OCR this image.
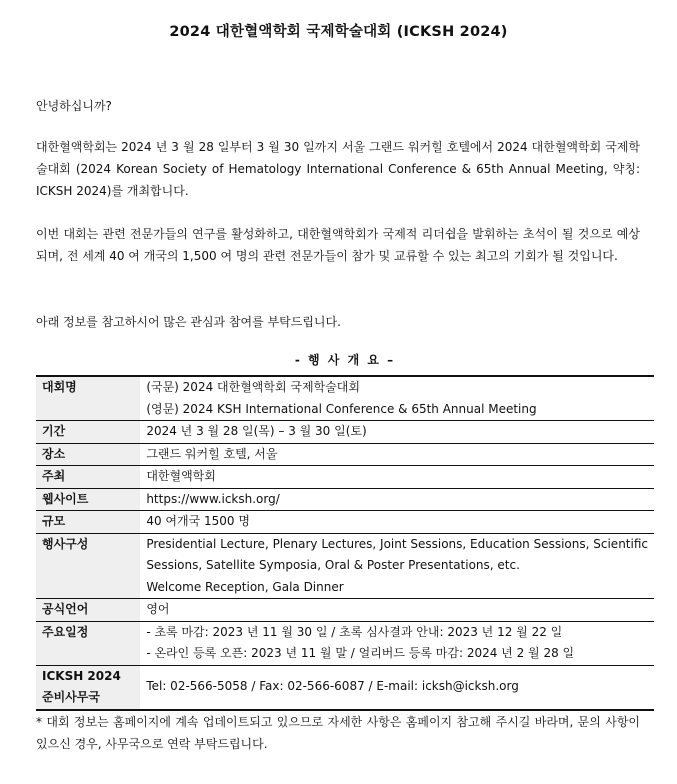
2024 대한혈액학회 국제학술대회 (ICKSH 2024)
안녕하십니까?
대한혈액학회는 2024 년 3 월 28 일부터 3 월 30 일까지 서울 그랜드 워커힐 호텔에서 2024 대한혈액학회 국제학술대회 (2024 Korean Society of Hematology International Conference & 65th Annual Meeting, 약칭: ICKSH 2024)를 개최합니다.
이번 대회는 관련 전문가들의 연구를 활성화하고, 대한혈액학회가 국제적 리더쉽을 발휘하는 초석이 될 것으로 예상되며, 전 세계 40 여 개국의 1,500 여 명의 관련 전문가들이 참가 및 교류할 수 있는 최고의 기회가 될 것입니다.
아래 정보를 참고하시어 많은 관심과 참여를 부탁드립니다.
- 행 사 개 요 –
대회명	(국문) 2024 대한혈액학회 국제학술대회
(영문) 2024 KSH International Conference & 65th Annual Meeting

기간	2024 년 3 월 28 일(목) – 3 월 30 일(토)
장소	그랜드 워커힐 호텔, 서울
주최	대한혈액학회
웹사이트	https://www.icksh.org/
규모	40 여개국 1500 명
행사구성	Presidential Lecture, Plenary Lectures, Joint Sessions, Education Sessions, Scientific
Sessions, Satellite Symposia, Oral & Poster Presentations, etc.
Welcome Reception, Gala Dinner

공식언어	영어
주요일정	- 초록 마감: 2023 년 11 월 30 일 / 초록 심사결과 안내: 2023 년 12 월 22 일
- 온라인 등록 오픈: 2023 년 11 월 말 / 얼리버드 등록 마감: 2024 년 2 월 28 일

ICKSH 2024
준비사무국	Tel: 02-566-5058 / Fax: 02-566-6087 / E-mail: icksh@icksh.org
* 대회 정보는 홈페이지에 계속 업데이트되고 있으므로 자세한 사항은 홈페이지 참고해 주시길 바라며, 문의 사항이 있으신 경우, 사무국으로 연락 부탁드립니다.
